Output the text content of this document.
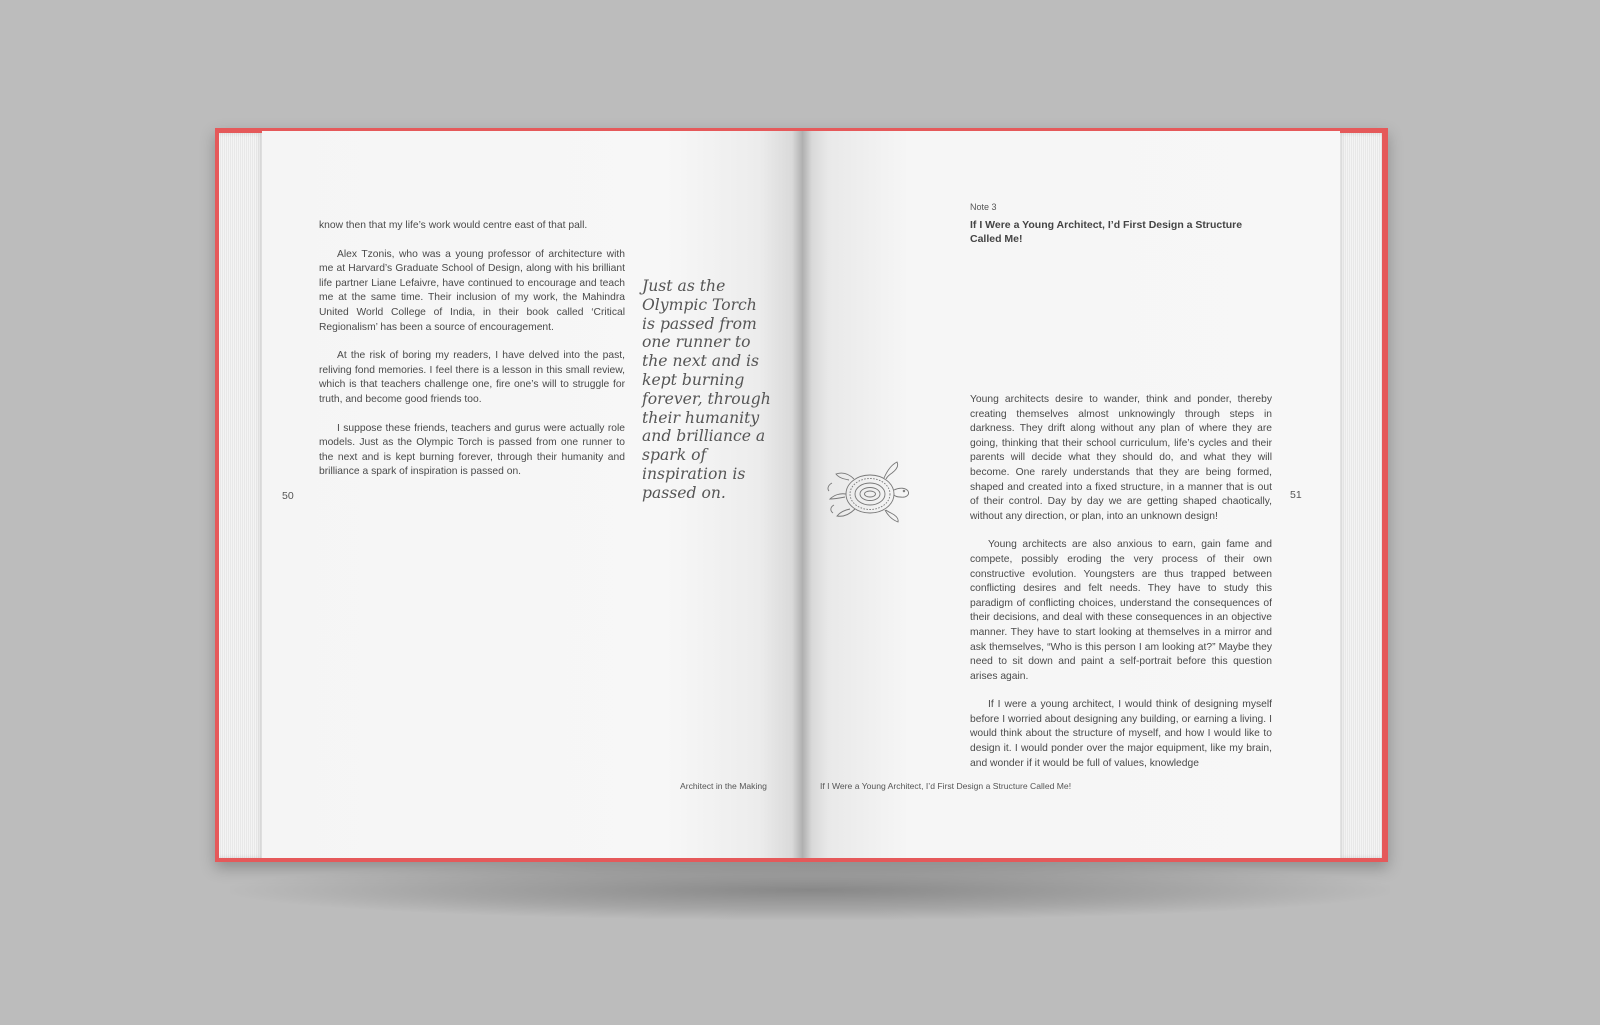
know then that my life’s work would centre east of that pall.

Alex Tzonis, who was a young professor of architecture with me at Harvard’s Graduate School of Design, along with his brilliant life partner Liane Lefaivre, have continued to encourage and teach me at the same time. Their inclusion of my work, the Mahindra United World College of India, in their book called ‘Critical Regionalism’ has been a source of encouragement.

At the risk of boring my readers, I have delved into the past, reliving fond memories. I feel there is a lesson in this small review, which is that teachers challenge one, fire one’s will to struggle for truth, and become good friends too.

I suppose these friends, teachers and gurus were actually role models. Just as the Olympic Torch is passed from one runner to the next and is kept burning forever, through their humanity and brilliance a spark of inspiration is passed on.

Just as the Olympic Torch is passed from one runner to the next and is kept burning forever, through their humanity and brilliance a spark of inspiration is passed on.
50
Architect in the Making
Note 3
If I Were a Young Architect, I’d First Design a Structure Called Me!

Young architects desire to wander, think and ponder, thereby creating themselves almost unknowingly through steps in darkness. They drift along without any plan of where they are going, thinking that their school curriculum, life’s cycles and their parents will decide what they should do, and what they will become. One rarely understands that they are being formed, shaped and created into a fixed structure, in a manner that is out of their control. Day by day we are getting shaped chaotically, without any direction, or plan, into an unknown design!

Young architects are also anxious to earn, gain fame and compete, possibly eroding the very process of their own constructive evolution. Youngsters are thus trapped between conflicting desires and felt needs. They have to study this paradigm of conflicting choices, understand the consequences of their decisions, and deal with these consequences in an objective manner. They have to start looking at themselves in a mirror and ask themselves, “Who is this person I am looking at?” Maybe they need to sit down and paint a self-portrait before this question arises again.

If I were a young architect, I would think of designing myself before I worried about designing any building, or earning a living. I would think about the structure of myself, and how I would like to design it. I would ponder over the major equipment, like my brain, and wonder if it would be full of values, knowledge

51
If I Were a Young Architect, I’d First Design a Structure Called Me!
